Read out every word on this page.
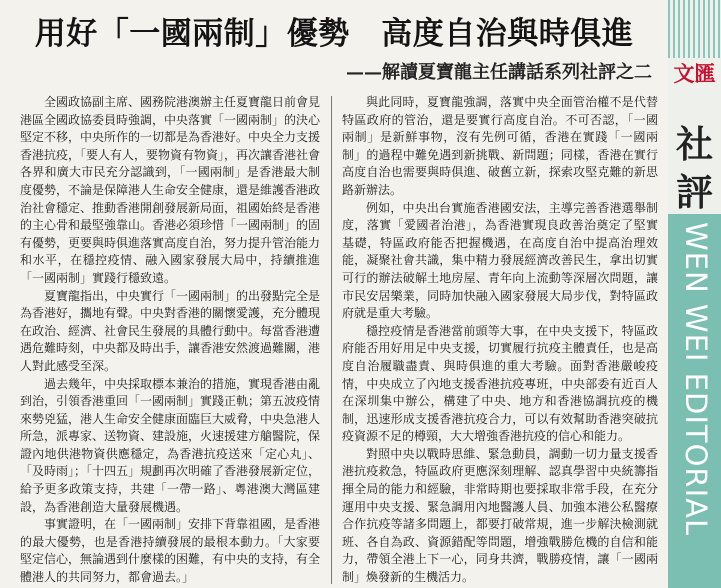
用好「一國兩制」優勢　高度自治與時俱進
——解讀夏寶龍主任講話系列社評之二

全國政協副主席、國務院港澳辦主任夏寶龍日前會見港區全國政協委員時強調，中央落實「一國兩制」的決心堅定不移，中央所作的一切都是為香港好。中央全力支援香港抗疫，「要人有人，要物資有物資」，再次讓香港社會各界和廣大市民充分認識到，「一國兩制」是香港最大制度優勢，不論是保障港人生命安全健康，還是維護香港政治社會穩定、推動香港開創發展新局面，祖國始終是香港的主心骨和最堅強靠山。香港必須珍惜「一國兩制」的固有優勢，更要與時俱進落實高度自治，努力提升管治能力和水平，在穩控疫情、融入國家發展大局中，持續推進「一國兩制」實踐行穩致遠。

夏寶龍指出，中央實行「一國兩制」的出發點完全是為香港好，攜地有聲。中央對香港的關懷愛護，充分體現在政治、經濟、社會民生發展的具體行動中。每當香港遭遇危難時刻，中央都及時出手，讓香港安然渡過難關，港人對此感受至深。

過去幾年，中央採取標本兼治的措施，實現香港由亂到治，引領香港重回「一國兩制」實踐正軌；第五波疫情來勢兇猛，港人生命安全健康面臨巨大威脅，中央急港人所急，派專家、送物資、建設施，火速援建方艙醫院，保證內地供港物資供應穩定，為香港抗疫送來「定心丸」、「及時雨」；「十四五」規劃再次明確了香港發展新定位，給予更多政策支持，共建「一帶一路」、粵港澳大灣區建設，為香港創造大量發展機遇。

事實證明，在「一國兩制」安排下背靠祖國，是香港的最大優勢，也是香港持續發展的最根本動力。「大家要堅定信心，無論遇到什麼樣的困難，有中央的支持，有全體港人的共同努力，都會過去。」

與此同時，夏寶龍強調，落實中央全面管治權不是代替特區政府的管治，還是要實行高度自治。不可否認，「一國兩制」是新鮮事物，沒有先例可循，香港在實踐「一國兩制」的過程中難免遇到新挑戰、新問題；同樣，香港在實行高度自治也需要與時俱進、破舊立新，探索攻堅克難的新思路新辦法。

例如，中央出台實施香港國安法，主導完善香港選舉制度，落實「愛國者治港」，為香港實現良政善治奠定了堅實基礎，特區政府能否把握機遇，在高度自治中提高治理效能，凝聚社會共識，集中精力發展經濟改善民生，拿出切實可行的辦法破解土地房屋、青年向上流動等深層次問題，讓市民安居樂業，同時加快融入國家發展大局步伐，對特區政府就是重大考驗。

穩控疫情是香港當前頭等大事，在中央支援下，特區政府能否用好用足中央支援，切實履行抗疫主體責任，也是高度自治履職盡責、與時俱進的重大考驗。面對香港嚴峻疫情，中央成立了內地支援香港抗疫專班，中央部委有近百人在深圳集中辦公，構建了中央、地方和香港協調抗疫的機制，迅速形成支援香港抗疫合力，可以有效幫助香港突破抗疫資源不足的樽頸，大大增強香港抗疫的信心和能力。

對照中央以戰時思維、緊急動員，調動一切力量支援香港抗疫救急，特區政府更應深刻理解、認真學習中央統籌指揮全局的能力和經驗，非常時期也要採取非常手段，在充分運用中央支援、緊急調用內地醫護人員、加強本港公私醫療合作抗疫等諸多問題上，都要打破常規，進一步解決檢測就班、各自為政、資源錯配等問題，增強戰勝危機的自信和能力，帶領全港上下一心，同身共濟，戰勝疫情，讓「一國兩制」煥發新的生機活力。

文匯
社
評
WEN WEI EDITORIAL
